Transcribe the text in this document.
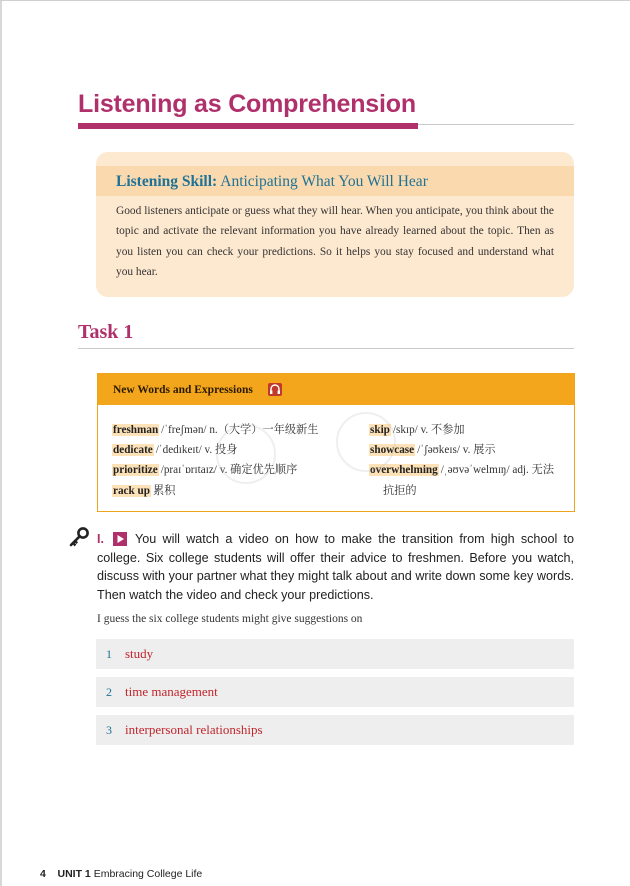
Listening as Comprehension
Listening Skill: Anticipating What You Will Hear
Good listeners anticipate or guess what they will hear. When you anticipate, you think about the topic and activate the relevant information you have already learned about the topic. Then as you listen you can check your predictions. So it helps you stay focused and understand what you hear.
Task 1
New Words and Expressions
freshman /ˈfreʃmən/ n.（大学）一年级新生
dedicate /ˈdedɪkeɪt/ v. 投身
prioritize /praɪˈɒrɪtaɪz/ v. 确定优先顺序
rack up 累积
skip /skɪp/ v. 不参加
showcase /ˈʃəʊkeɪs/ v. 展示
overwhelming /ˌəʊvəˈwelmɪŋ/ adj. 无法
抗拒的
You will watch a video on how to make the transition from high school to college. Six college students will offer their advice to freshmen. Before you watch, discuss with your partner what they might talk about and write down some key words. Then watch the video and check your predictions.
I.
I guess the six college students might give suggestions on
1 study
2 time management
3 interpersonal relationships
4 UNIT 1 Embracing College Life
